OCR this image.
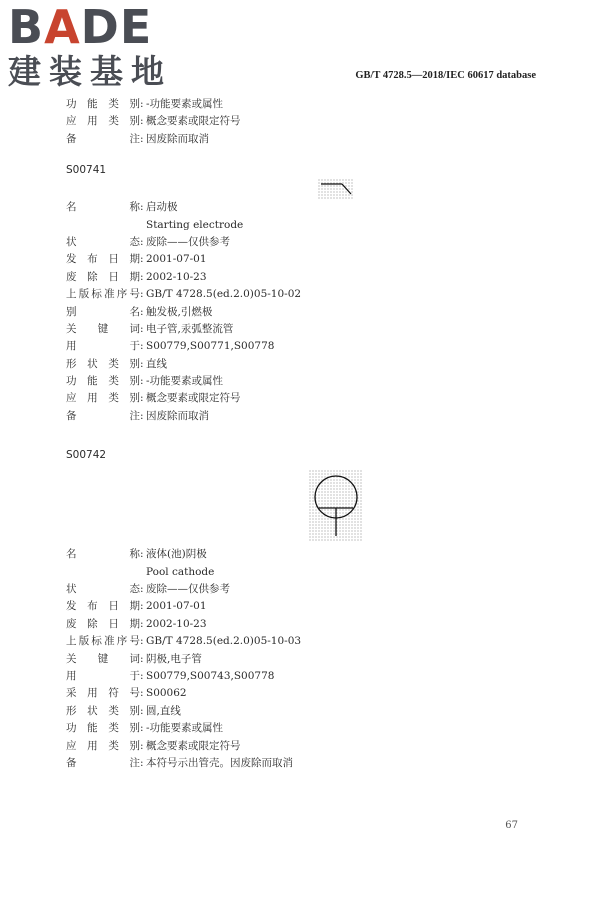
BADE
建装基地	GB/T 4728.5—2018/IEC 60617 database
功 能 类 别 : -功能要素或属性
应 用 类 别 : 概念要素或限定符号
备	注 : 因废除而取消
S00741
名	称 : 启动极
Starting electrode
状	态 : 废除——仅供参考
发 布 日 期 : 2001-07-01
废 除 日 期 : 2002-10-23
上 版 标 准 序 号 : GB/T 4728.5(ed.2.0)05-10-02
别	名 : 触发极,引燃极
关 键 词 : 电子管,汞弧整流管
用	于 : S00779,S00771,S00778
形 状 类 别 : 直线
功 能 类 别 : -功能要素或属性
应 用 类 别 : 概念要素或限定符号
备	注 : 因废除而取消
S00742
名	称 : 液体(池)阴极
Pool cathode
状	态 : 废除——仅供参考
发 布 日 期 : 2001-07-01
废 除 日 期 : 2002-10-23
上 版 标 准 序 号 : GB/T 4728.5(ed.2.0)05-10-03
关 键 词 : 阴极,电子管
用	于 : S00779,S00743,S00778
采 用 符 号 : S00062
形 状 类 别 : 圆,直线
功 能 类 别 : -功能要素或属性
应 用 类 别 : 概念要素或限定符号
备	注 : 本符号示出管壳。因废除而取消
67
